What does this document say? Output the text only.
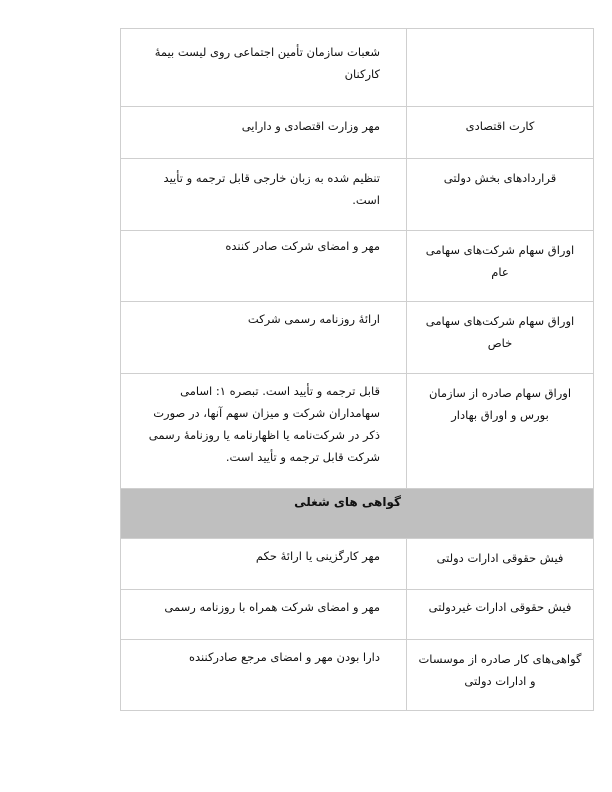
شعبات سازمان تأمین اجتماعی روی لیست بیمۀ کارکنان
کارت اقتصادی
مهر وزارت اقتصادی و دارایی
قراردادهای بخش دولتی
تنظیم شده به زبان خارجی قابل ترجمه و تأیید است.
اوراق سهام شرکت‌های سهامی عام
مهر و امضای شرکت صادر کننده
اوراق سهام شرکت‌های سهامی خاص
ارائۀ روزنامه رسمی شرکت
اوراق سهام صادره از سازمان بورس و اوراق بهادار
قابل ترجمه و تأیید است. تبصره ۱: اسامی سهامداران شرکت و میزان سهم آنها، در صورت ذکر در شرکت‌نامه یا اظهارنامه یا روزنامۀ رسمی شرکت قابل ترجمه و تأیید است.
گواهی های شغلی
فیش حقوقی ادارات دولتی
مهر کارگزینی یا ارائۀ حکم
فیش حقوقی ادارات غیردولتی
مهر و امضای شرکت همراه با روزنامه رسمی
گواهی‌های کار صادره از موسسات و ادارات دولتی
دارا بودن مهر و امضای مرجع صادرکننده
